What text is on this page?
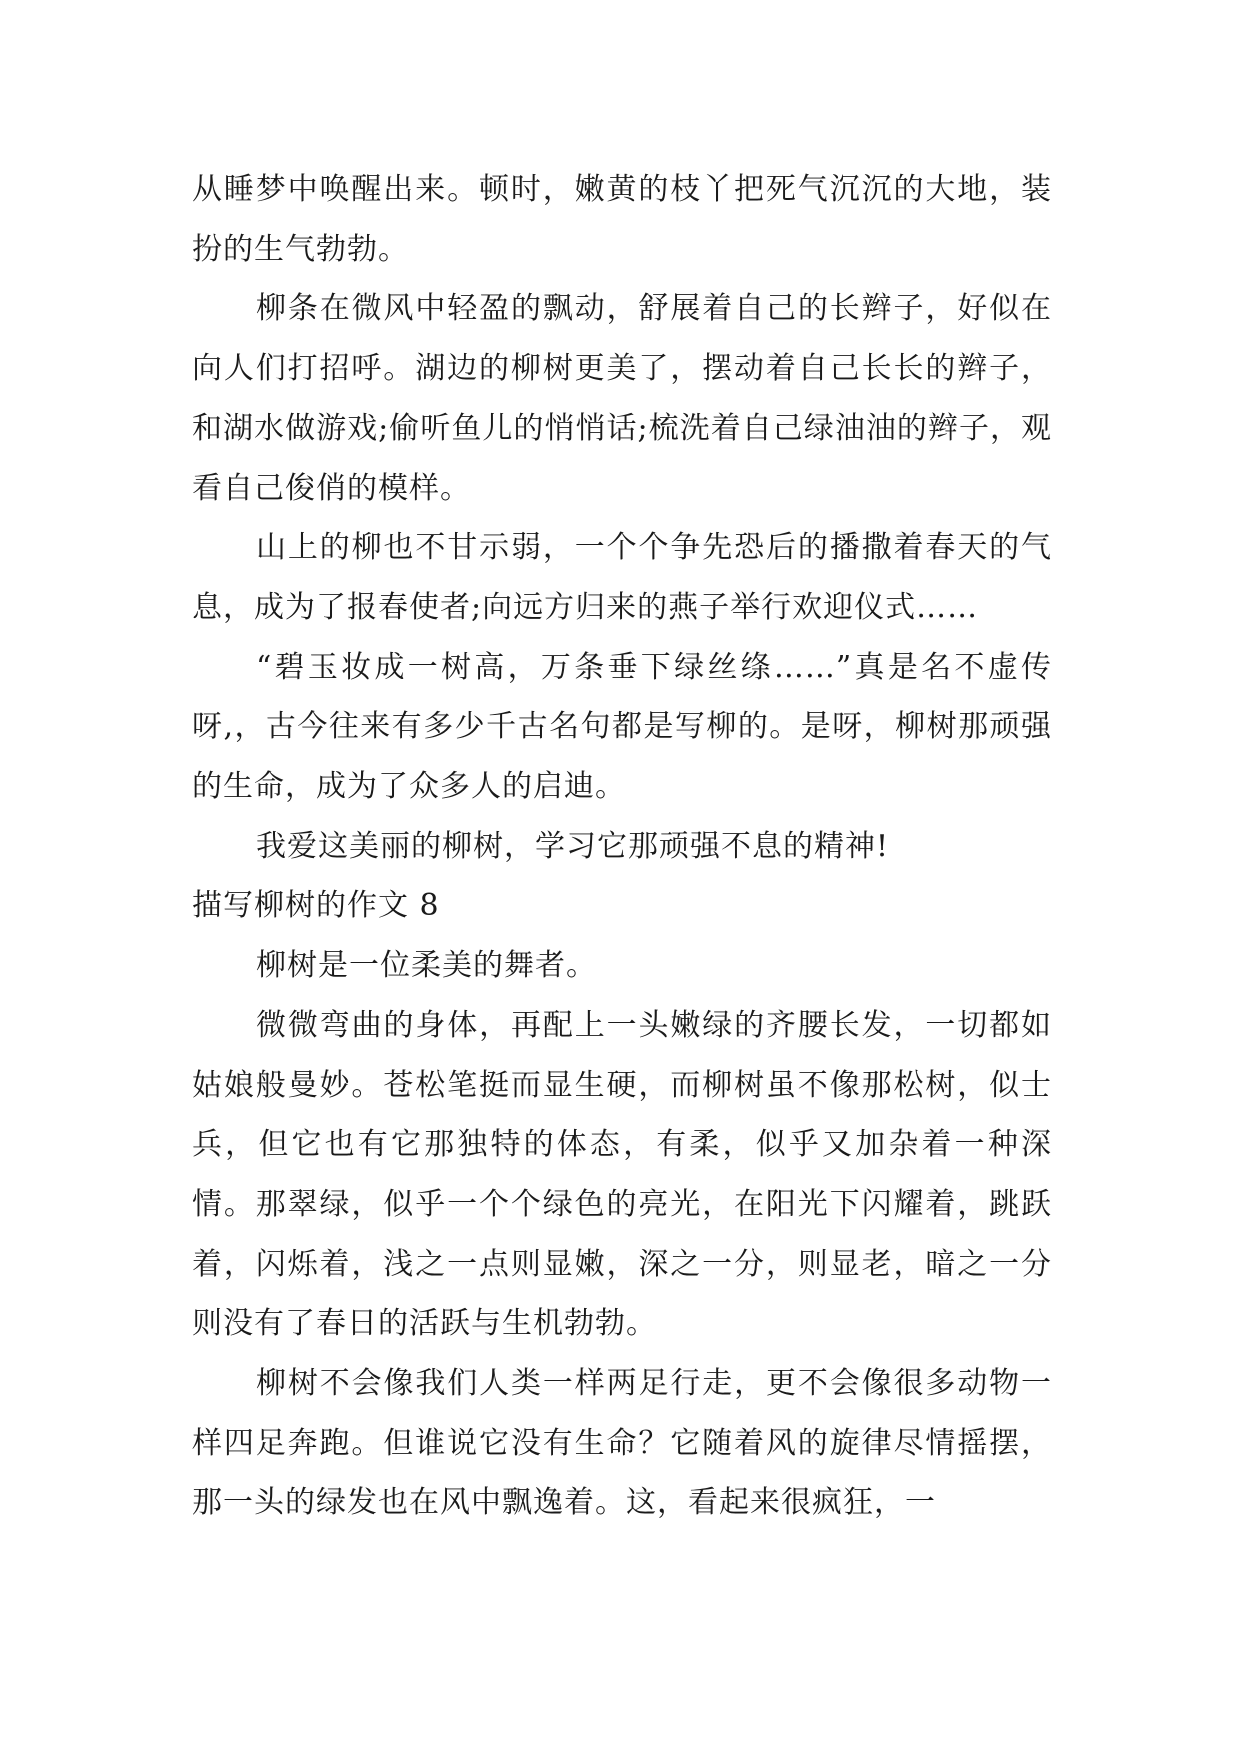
从睡梦中唤醒出来。顿时，嫩黄的枝丫把死气沉沉的大地，装扮的生气勃勃。

柳条在微风中轻盈的飘动，舒展着自己的长辫子，好似在向人们打招呼。湖边的柳树更美了，摆动着自己长长的辫子，和湖水做游戏;偷听鱼儿的悄悄话;梳洗着自己绿油油的辫子，观看自己俊俏的模样。

山上的柳也不甘示弱，一个个争先恐后的播撒着春天的气息，成为了报春使者;向远方归来的燕子举行欢迎仪式……

“碧玉妆成一树高，万条垂下绿丝绦……”真是名不虚传呀,，古今往来有多少千古名句都是写柳的。是呀，柳树那顽强的生命，成为了众多人的启迪。

我爱这美丽的柳树，学习它那顽强不息的精神!

描写柳树的作文 8

柳树是一位柔美的舞者。

微微弯曲的身体，再配上一头嫩绿的齐腰长发，一切都如姑娘般曼妙。苍松笔挺而显生硬，而柳树虽不像那松树，似士兵，但它也有它那独特的体态，有柔，似乎又加杂着一种深情。那翠绿，似乎一个个绿色的亮光，在阳光下闪耀着，跳跃着，闪烁着，浅之一点则显嫩，深之一分，则显老，暗之一分则没有了春日的活跃与生机勃勃。

柳树不会像我们人类一样两足行走，更不会像很多动物一样四足奔跑。但谁说它没有生命？它随着风的旋律尽情摇摆，那一头的绿发也在风中飘逸着。这，看起来很疯狂，一
